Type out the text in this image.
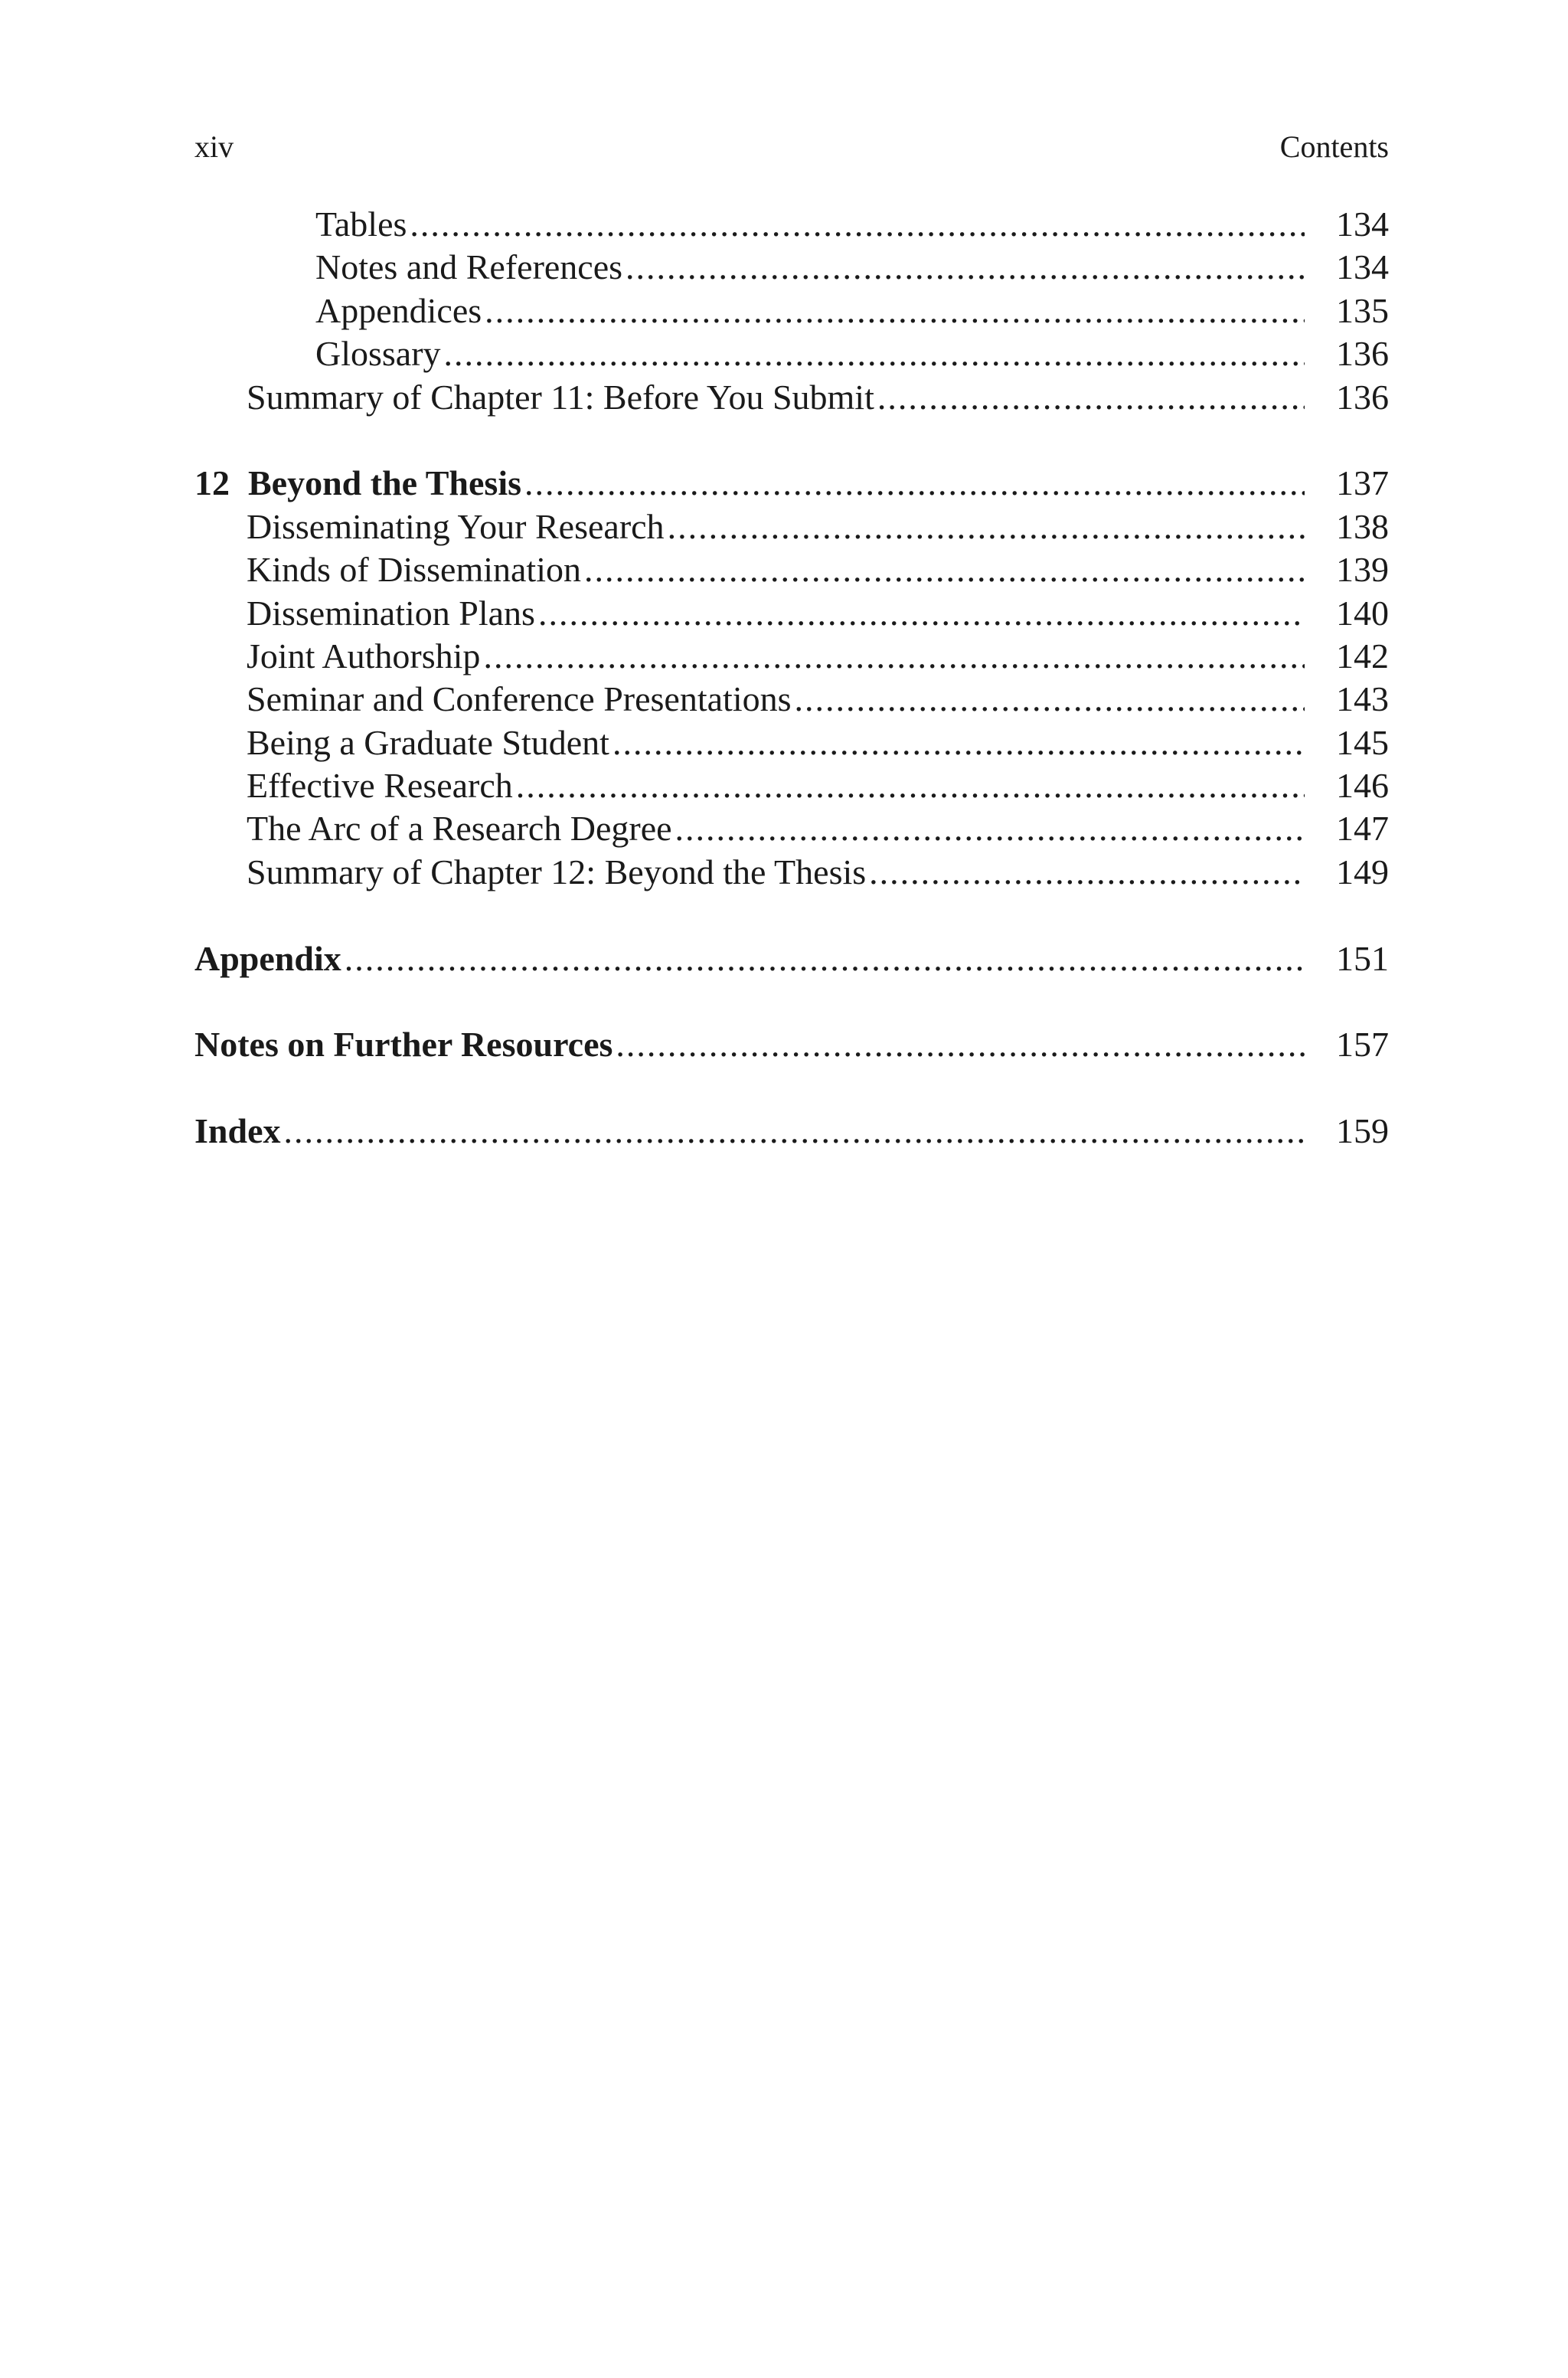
xiv	Contents
Tables .....	134
Notes and References .....	134
Appendices .....	135
Glossary .....	136
Summary of Chapter 11: Before You Submit .....	136
12 Beyond the Thesis .....	137
Disseminating Your Research .....	138
Kinds of Dissemination .....	139
Dissemination Plans .....	140
Joint Authorship .....	142
Seminar and Conference Presentations .....	143
Being a Graduate Student .....	145
Effective Research .....	146
The Arc of a Research Degree .....	147
Summary of Chapter 12: Beyond the Thesis .....	149
Appendix .....	151
Notes on Further Resources .....	157
Index .....	159
